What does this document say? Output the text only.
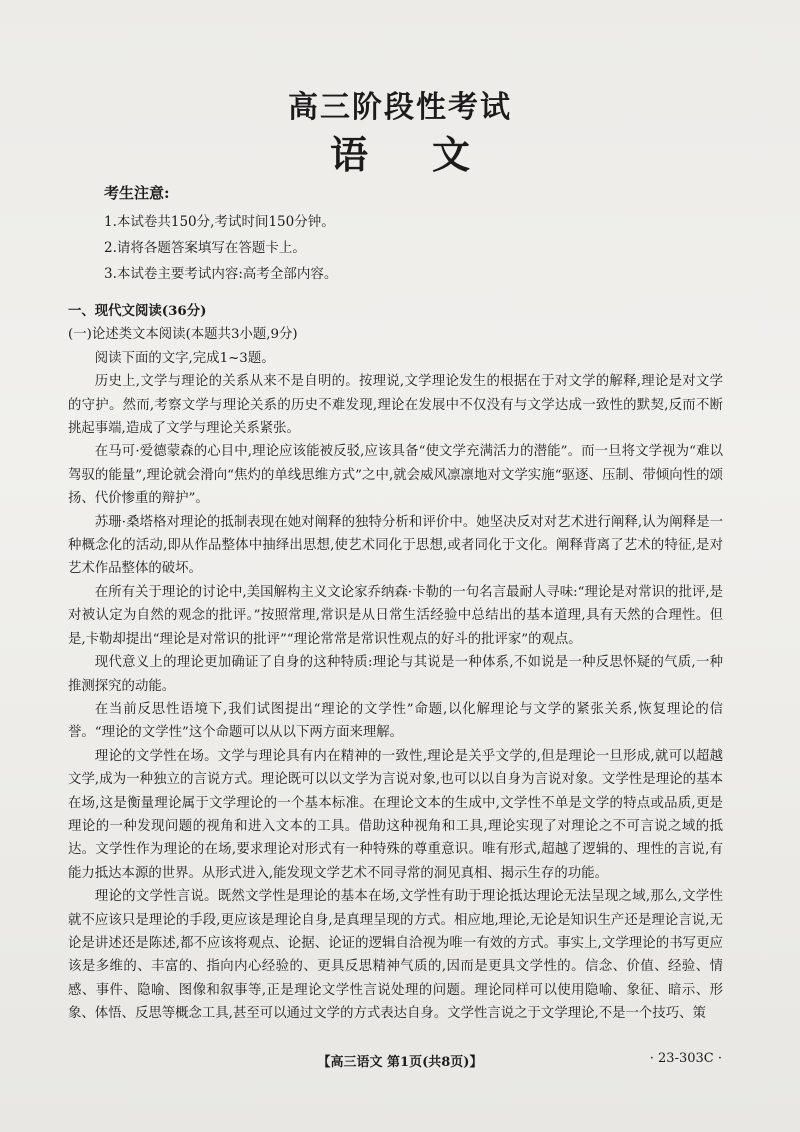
高三阶段性考试
语文
考生注意:
1.本试卷共150分,考试时间150分钟。
2.请将各题答案填写在答题卡上。
3.本试卷主要考试内容:高考全部内容。
一、现代文阅读(36分)
(一)论述类文本阅读(本题共3小题,9分)
阅读下面的文字,完成1~3题。
历史上,文学与理论的关系从来不是自明的。按理说,文学理论发生的根据在于对文学的解释,理论是对文学的守护。然而,考察文学与理论关系的历史不难发现,理论在发展中不仅没有与文学达成一致性的默契,反而不断挑起事端,造成了文学与理论关系紧张。
在马可·爱德蒙森的心目中,理论应该能被反驳,应该具备“使文学充满活力的潜能”。而一旦将文学视为“难以驾驭的能量”,理论就会滑向“焦灼的单线思维方式”之中,就会威风凛凛地对文学实施“驱逐、压制、带倾向性的颂扬、代价惨重的辩护”。
苏珊·桑塔格对理论的抵制表现在她对阐释的独特分析和评价中。她坚决反对对艺术进行阐释,认为阐释是一种概念化的活动,即从作品整体中抽绎出思想,使艺术同化于思想,或者同化于文化。阐释背离了艺术的特征,是对艺术作品整体的破坏。
在所有关于理论的讨论中,美国解构主义文论家乔纳森·卡勒的一句名言最耐人寻味:“理论是对常识的批评,是对被认定为自然的观念的批评。”按照常理,常识是从日常生活经验中总结出的基本道理,具有天然的合理性。但是,卡勒却提出“理论是对常识的批评”“理论常常是常识性观点的好斗的批评家”的观点。
现代意义上的理论更加确证了自身的这种特质:理论与其说是一种体系,不如说是一种反思怀疑的气质,一种推测探究的动能。
在当前反思性语境下,我们试图提出“理论的文学性”命题,以化解理论与文学的紧张关系,恢复理论的信誉。“理论的文学性”这个命题可以从以下两方面来理解。
理论的文学性在场。文学与理论具有内在精神的一致性,理论是关乎文学的,但是理论一旦形成,就可以超越文学,成为一种独立的言说方式。理论既可以以文学为言说对象,也可以以自身为言说对象。文学性是理论的基本在场,这是衡量理论属于文学理论的一个基本标准。在理论文本的生成中,文学性不单是文学的特点或品质,更是理论的一种发现问题的视角和进入文本的工具。借助这种视角和工具,理论实现了对理论之不可言说之域的抵达。文学性作为理论的在场,要求理论对形式有一种特殊的尊重意识。唯有形式,超越了逻辑的、理性的言说,有能力抵达本源的世界。从形式进入,能发现文学艺术不同寻常的洞见真相、揭示生存的功能。
理论的文学性言说。既然文学性是理论的基本在场,文学性有助于理论抵达理论无法呈现之域,那么,文学性就不应该只是理论的手段,更应该是理论自身,是真理呈现的方式。相应地,理论,无论是知识生产还是理论言说,无论是讲述还是陈述,都不应该将观点、论据、论证的逻辑自洽视为唯一有效的方式。事实上,文学理论的书写更应该是多维的、丰富的、指向内心经验的、更具反思精神气质的,因而是更具文学性的。信念、价值、经验、情感、事件、隐喻、图像和叙事等,正是理论文学性言说处理的问题。理论同样可以使用隐喻、象征、暗示、形象、体悟、反思等概念工具,甚至可以通过文学的方式表达自身。文学性言说之于文学理论,不是一个技巧、策
【高三语文 第1页(共8页)】	· 23-303C ·
